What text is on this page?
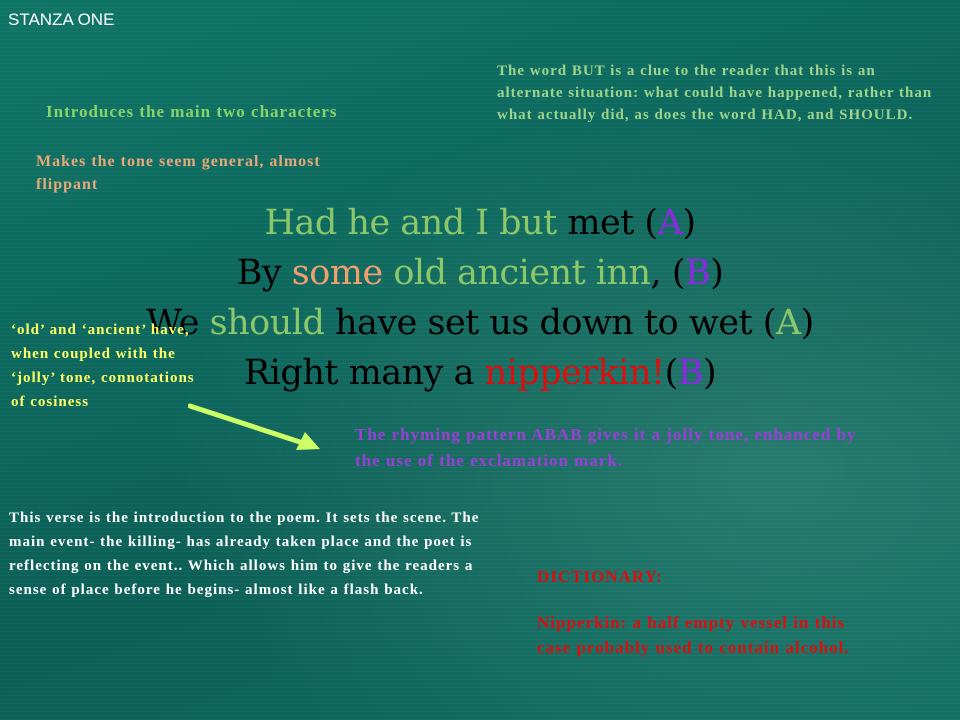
STANZA ONE
Introduces the main two characters
Makes the tone seem general, almost flippant
The word BUT is a clue to the reader that this is an alternate situation: what could have happened, rather than what actually did, as does the word HAD, and SHOULD.
Had he and I but met (A)
By some old ancient inn, (B)
We should have set us down to wet (A)
Right many a nipperkin!(B)
‘old’ and ‘ancient’ have, when coupled with the ‘jolly’ tone, connotations of cosiness
The rhyming pattern ABAB gives it a jolly tone, enhanced by the use of the exclamation mark.
This verse is the introduction to the poem. It sets the scene. The main event- the killing- has already taken place and the poet is reflecting on the event.. Which allows him to give the readers a sense of place before he begins- almost like a flash back.
DICTIONARY:
Nipperkin: a half empty vessel in this case probably used to contain alcohol.
